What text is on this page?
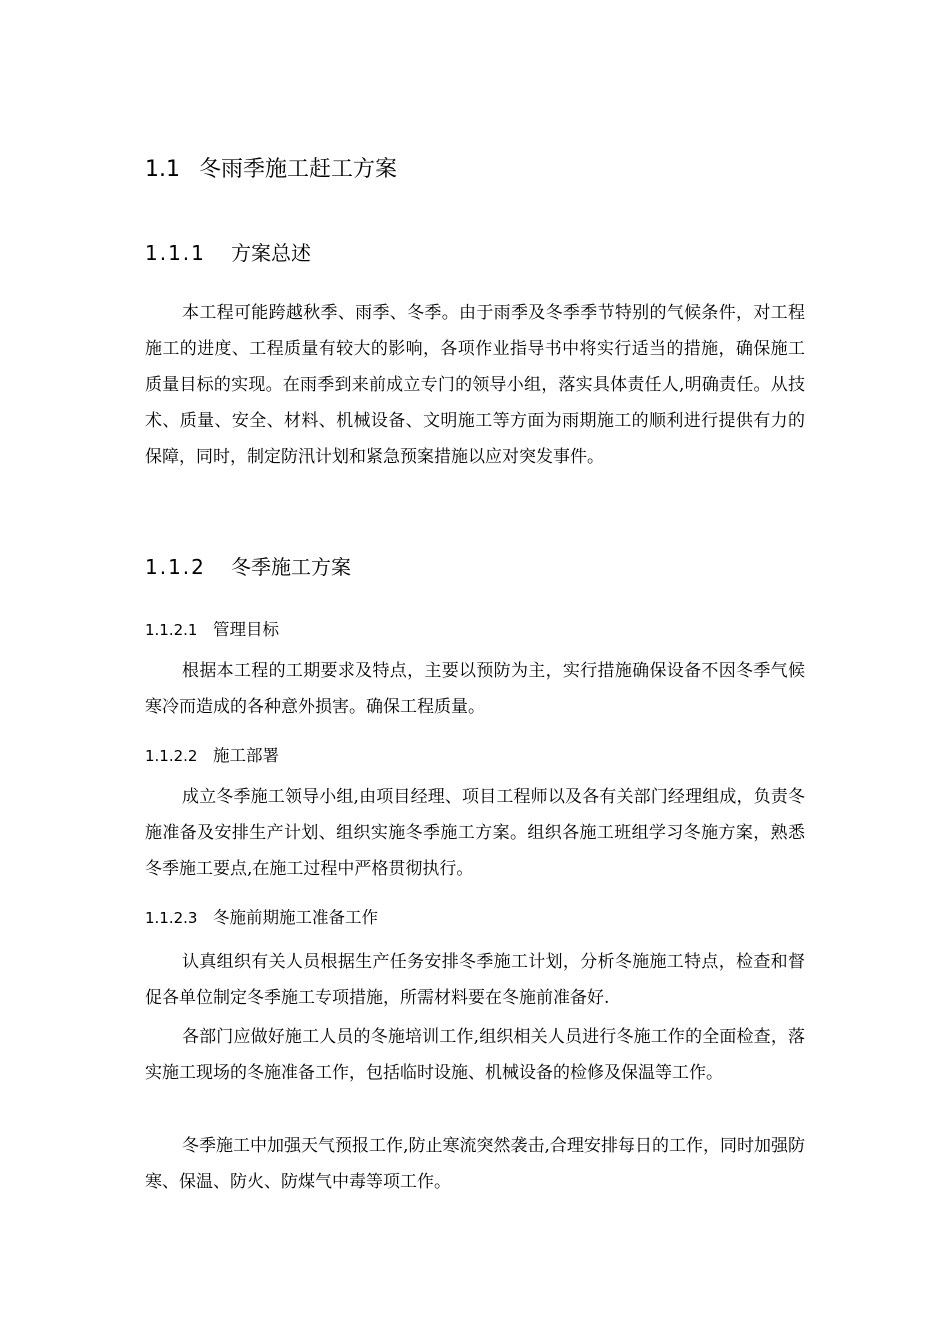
1.1 冬雨季施工赶工方案
1.1.1 方案总述

本工程可能跨越秋季、雨季、冬季。由于雨季及冬季季节特别的气候条件，对工程施工的进度、工程质量有较大的影响，各项作业指导书中将实行适当的措施，确保施工质量目标的实现。在雨季到来前成立专门的领导小组，落实具体责任人,明确责任。从技术、质量、安全、材料、机械设备、文明施工等方面为雨期施工的顺利进行提供有力的保障，同时，制定防汛计划和紧急预案措施以应对突发事件。

1.1.2 冬季施工方案
1.1.2.1 管理目标

根据本工程的工期要求及特点，主要以预防为主，实行措施确保设备不因冬季气候寒冷而造成的各种意外损害。确保工程质量。

1.1.2.2 施工部署

成立冬季施工领导小组,由项目经理、项目工程师以及各有关部门经理组成，负责冬施准备及安排生产计划、组织实施冬季施工方案。组织各施工班组学习冬施方案，熟悉冬季施工要点,在施工过程中严格贯彻执行。

1.1.2.3 冬施前期施工准备工作

认真组织有关人员根据生产任务安排冬季施工计划，分析冬施施工特点，检查和督促各单位制定冬季施工专项措施，所需材料要在冬施前准备好.

各部门应做好施工人员的冬施培训工作,组织相关人员进行冬施工作的全面检查，落实施工现场的冬施准备工作，包括临时设施、机械设备的检修及保温等工作。

冬季施工中加强天气预报工作,防止寒流突然袭击,合理安排每日的工作，同时加强防寒、保温、防火、防煤气中毒等项工作。
